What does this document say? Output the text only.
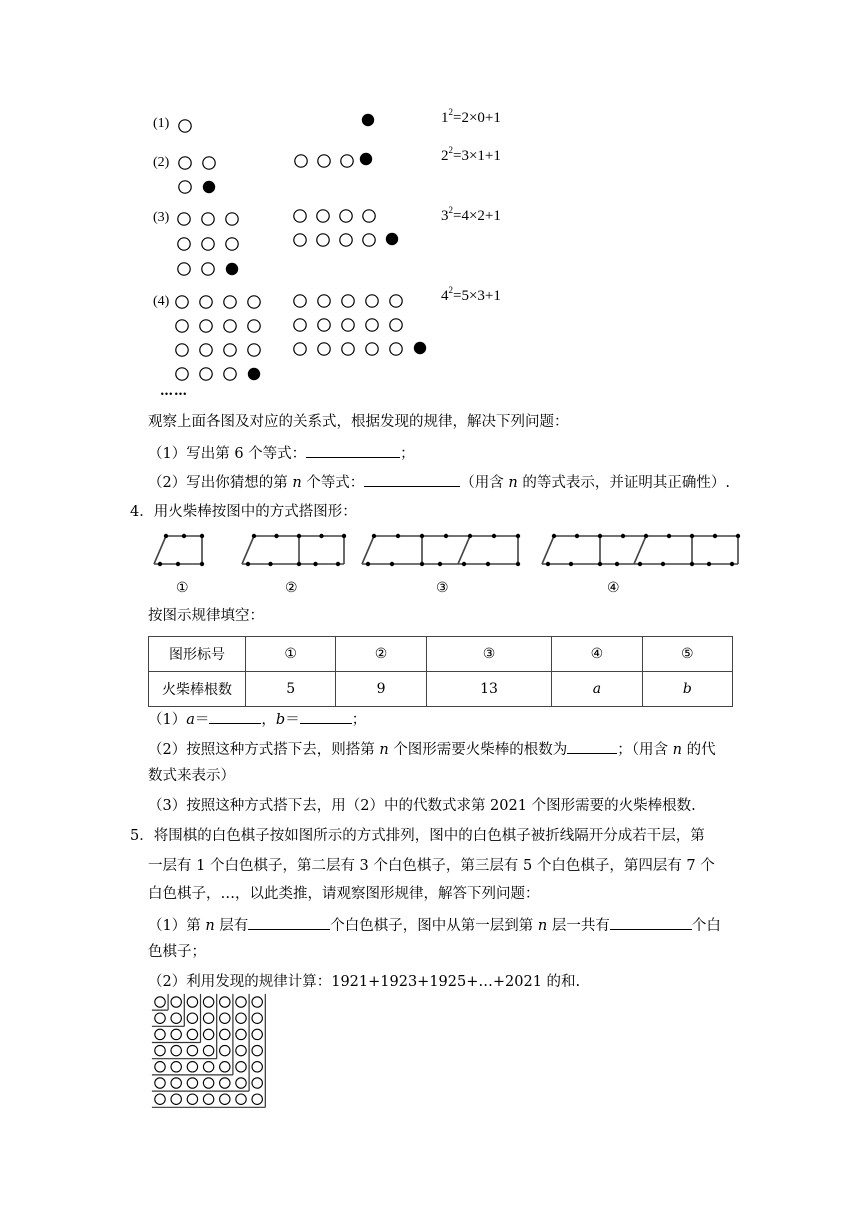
(1)
(2)
(3)
(4)
$1^2=2\times 0+1$
$2^2=3\times 1+1$
$3^2=4\times 2+1$
$4^2=5\times 3+1$
……
观察上面各图及对应的关系式，根据发现的规律，解决下列问题：
（1）写出第 6 个等式：	；
（2）写出你猜想的第 n 个等式：	（用含 n 的等式表示，并证明其正确性）.
4．用火柴棒按图中的方式搭图形：
①	②	③	④
按图示规律填空：
图形标号	①	②	③	④	⑤
火柴棒根数	5	9	13	a	b
（1）a＝	，b＝	；
（2）按照这种方式搭下去，则搭第 n 个图形需要火柴棒的根数为	；（用含 n 的代
数式来表示）
（3）按照这种方式搭下去，用（2）中的代数式求第 2021 个图形需要的火柴棒根数.
5．将围棋的白色棋子按如图所示的方式排列，图中的白色棋子被折线隔开分成若干层，第
一层有 1 个白色棋子，第二层有 3 个白色棋子，第三层有 5 个白色棋子，第四层有 7 个
白色棋子，…，以此类推，请观察图形规律，解答下列问题：
（1）第 n 层有	个白色棋子，图中从第一层到第 n 层一共有	个白
色棋子；
（2）利用发现的规律计算：1921+1923+1925+…+2021 的和.
